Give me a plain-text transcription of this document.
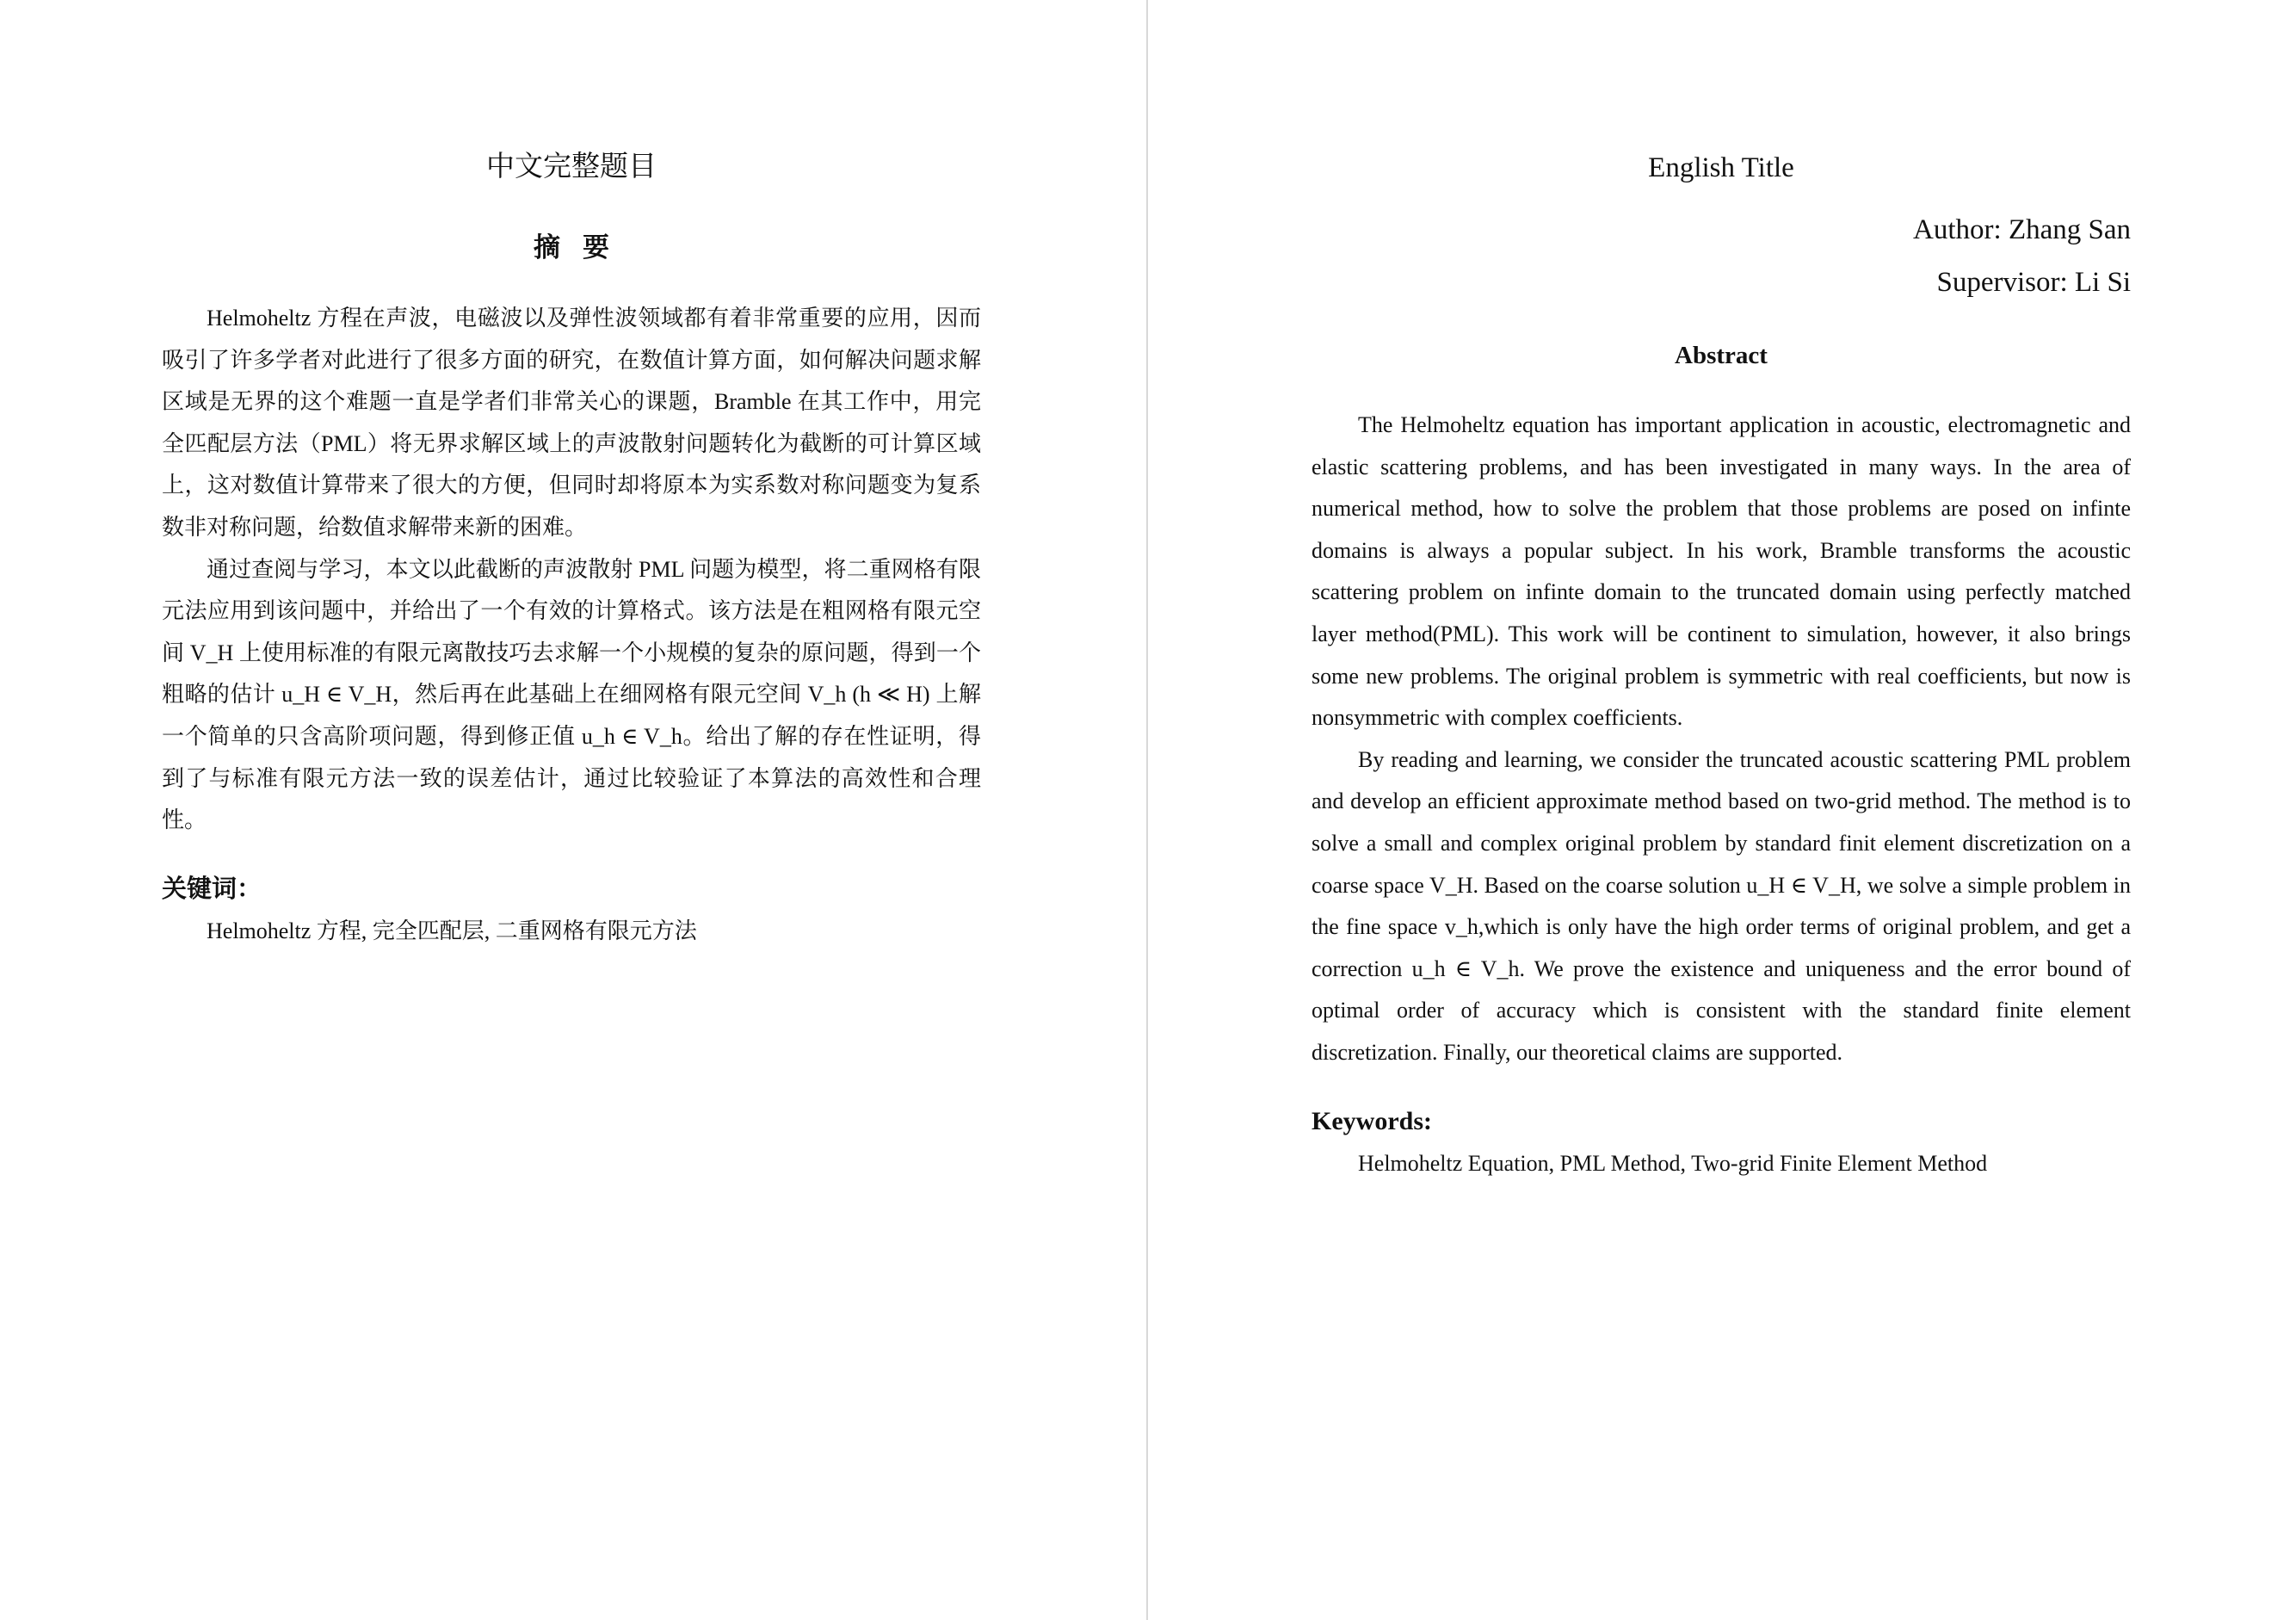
中文完整题目
摘要

Helmoheltz 方程在声波，电磁波以及弹性波领域都有着非常重要的应用，因而吸引了许多学者对此进行了很多方面的研究，在数值计算方面，如何解决问题求解区域是无界的这个难题一直是学者们非常关心的课题，Bramble 在其工作中，用完全匹配层方法（PML）将无界求解区域上的声波散射问题转化为截断的可计算区域上，这对数值计算带来了很大的方便，但同时却将原本为实系数对称问题变为复系数非对称问题，给数值求解带来新的困难。

通过查阅与学习，本文以此截断的声波散射 PML 问题为模型，将二重网格有限元法应用到该问题中，并给出了一个有效的计算格式。该方法是在粗网格有限元空间 V_H 上使用标准的有限元离散技巧去求解一个小规模的复杂的原问题，得到一个粗略的估计 u_H ∈ V_H，然后再在此基础上在细网格有限元空间 V_h (h ≪ H) 上解一个简单的只含高阶项问题，得到修正值 u_h ∈ V_h。给出了解的存在性证明，得到了与标准有限元方法一致的误差估计，通过比较验证了本算法的高效性和合理性。

关键词：
Helmoheltz 方程, 完全匹配层, 二重网格有限元方法
English Title
Author: Zhang San
Supervisor: Li Si
Abstract

The Helmoheltz equation has important application in acoustic, electromagnetic and elastic scattering problems, and has been investigated in many ways. In the area of numerical method, how to solve the problem that those problems are posed on infinte domains is always a popular subject. In his work, Bramble transforms the acoustic scattering problem on infinte domain to the truncated domain using perfectly matched layer method(PML). This work will be continent to simulation, however, it also brings some new problems. The original problem is symmetric with real coefficients, but now is nonsymmetric with complex coefficients.

By reading and learning, we consider the truncated acoustic scattering PML problem and develop an efficient approximate method based on two-grid method. The method is to solve a small and complex original problem by standard finit element discretization on a coarse space V_H. Based on the coarse solution u_H ∈ V_H, we solve a simple problem in the fine space v_h,which is only have the high order terms of original problem, and get a correction u_h ∈ V_h. We prove the existence and uniqueness and the error bound of optimal order of accuracy which is consistent with the standard finite element discretization. Finally, our theoretical claims are supported.

Keywords:
Helmoheltz Equation, PML Method, Two-grid Finite Element Method
